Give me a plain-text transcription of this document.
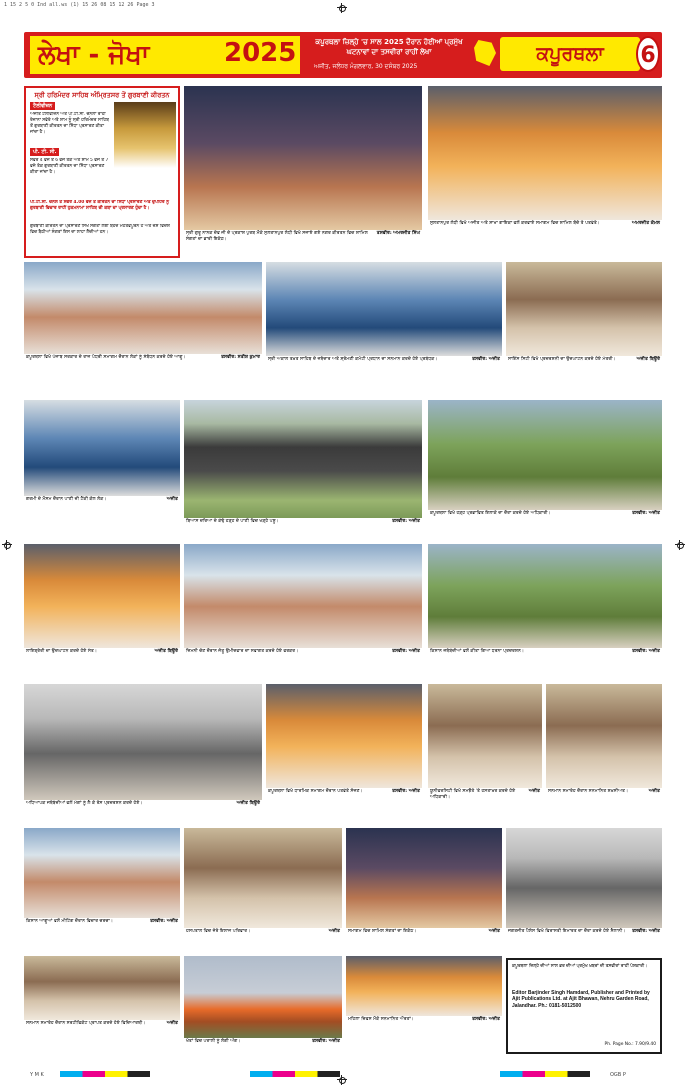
1 15 2 5 0 Ind all.ws (1) 15 26 08 15 12 26 Page 3
ਲੇਖਾ - ਜੋਖਾ	2025	ਕਪੂਰਥਲਾ ਜ਼ਿਲ੍ਹੇ 'ਚ ਸਾਲ 2025 ਦੌਰਾਨ ਹੋਈਆਂ ਪ੍ਰਮੁੱਖ ਘਟਨਾਵਾਂ ਦਾ ਤਸਵੀਰਾਂ ਰਾਹੀਂ ਲੇਖਾ
ਅਜੀਤ, ਜਲੰਧਰ ਮੰਗਲਵਾਰ, 30 ਦਸੰਬਰ 2025
ਕਪੂਰਥਲਾ	6
ਸ੍ਰੀ ਹਰਿਮੰਦਰ ਸਾਹਿਬ ਅੰਮ੍ਰਿਤਸਰ ਤੋਂ ਗੁਰਬਾਣੀ ਕੀਰਤਨ
ਟੈਲੀਵੀਜ਼ਨ
ਅਜੀਤ ਟੈਲੀਵੀਜ਼ਨ ਅਤੇ ਪੀ.ਟੀ.ਸੀ. ਚੈਨਲਾਂ ਰਾਹੀਂ ਰੋਜ਼ਾਨਾ ਸਵੇਰੇ ਅਤੇ ਸ਼ਾਮ ਨੂੰ ਸ੍ਰੀ ਹਰਿਮੰਦਰ ਸਾਹਿਬ ਤੋਂ ਗੁਰਬਾਣੀ ਕੀਰਤਨ ਦਾ ਸਿੱਧਾ ਪ੍ਰਸਾਰਣ ਕੀਤਾ ਜਾਂਦਾ ਹੈ।
ਪੀ. ਟੀ. ਸੀ.
ਸਵੇਰੇ 4 ਵਜੇ ਤੋਂ 6 ਵਜੇ ਤੱਕ ਅਤੇ ਸ਼ਾਮ 5 ਵਜੇ ਤੋਂ 7 ਵਜੇ ਤੱਕ ਗੁਰਬਾਣੀ ਕੀਰਤਨ ਦਾ ਸਿੱਧਾ ਪ੍ਰਸਾਰਣ ਕੀਤਾ ਜਾਂਦਾ ਹੈ।
ਪੀ.ਟੀ.ਸੀ. ਚੈਨਲ ਤੇ ਸਵੇਰੇ 4.00 ਵਜੇ ਤੋਂ ਕੀਰਤਨ ਦਾ ਸਿੱਧਾ ਪ੍ਰਸਾਰਣ ਅਤੇ ਦੁਪਹਿਰ ਨੂੰ ਗੁਰਬਾਣੀ ਵਿਚਾਰ ਰਾਹੀਂ ਹੁਕਮਨਾਮਾ ਸਾਹਿਬ ਦੀ ਕਥਾ ਦਾ ਪ੍ਰਸਾਰਣ ਹੁੰਦਾ ਹੈ।
ਗੁਰਬਾਣੀ ਕੀਰਤਨ ਦਾ ਪ੍ਰਸਾਰਣ ਸਿੱਖ ਸੰਗਤਾਂ ਲਈ ਬੇਹੱਦ ਮਹੱਤਵਪੂਰਨ ਹੈ ਅਤੇ ਦੇਸ਼ ਵਿਦੇਸ਼ ਵਿਚ ਬੈਠੀਆਂ ਸੰਗਤਾਂ ਇਸ ਦਾ ਲਾਹਾ ਲੈਂਦੀਆਂ ਹਨ।	ਤਸਵੀਰ: ਅਮਰਜੀਤ ਸਿੰਘ
ਸ੍ਰੀ ਗੁਰੂ ਨਾਨਕ ਦੇਵ ਜੀ ਦੇ ਪ੍ਰਕਾਸ਼ ਪੁਰਬ ਮੌਕੇ ਸੁਲਤਾਨਪੁਰ ਲੋਧੀ ਵਿਖੇ ਸਜਾਏ ਗਏ ਨਗਰ ਕੀਰਤਨ ਵਿਚ ਸ਼ਾਮਿਲ ਸੰਗਤਾਂ ਦਾ ਭਾਰੀ ਇਕੱਠ।
ਅਮਰਜੀਤ ਕੋਮਲ
ਸੁਲਤਾਨਪੁਰ ਲੋਧੀ ਵਿਖੇ ਅਜੀਤ ਅਤੇ ਸ਼ਾਖਾ ਗਾਇਕਾ ਵਲੋਂ ਕਰਵਾਏ ਸਮਾਗਮ ਵਿਚ ਸ਼ਾਮਿਲ ਬੱਚੇ ਤੇ ਪਤਵੰਤੇ।
ਤਸਵੀਰ: ਸਤੀਸ਼ ਕੁਮਾਰ
ਕਪੂਰਥਲਾ ਵਿਖੇ ਪੰਜਾਬ ਸਰਕਾਰ ਦੇ ਰਾਜ ਪੱਧਰੀ ਸਮਾਗਮ ਦੌਰਾਨ ਲੋਕਾਂ ਨੂੰ ਸੰਬੋਧਨ ਕਰਦੇ ਹੋਏ ਆਗੂ।	ਤਸਵੀਰ: ਅਜੀਤ
ਸ੍ਰੀ ਅਕਾਲ ਤਖ਼ਤ ਸਾਹਿਬ ਦੇ ਜਥੇਦਾਰ ਅਤੇ ਸ਼੍ਰੋਮਣੀ ਕਮੇਟੀ ਪ੍ਰਧਾਨ ਦਾ ਸਨਮਾਨ ਕਰਦੇ ਹੋਏ ਪ੍ਰਬੰਧਕ।	ਅਜੀਤ ਬਿਊਰੋ
ਸਾਇੰਸ ਸਿਟੀ ਵਿਖੇ ਪ੍ਰਦਰਸ਼ਨੀ ਦਾ ਉਦਘਾਟਨ ਕਰਦੇ ਹੋਏ ਮੰਤਰੀ।
ਅਜੀਤ
ਗਰਮੀ ਦੇ ਮੌਸਮ ਦੌਰਾਨ ਪਾਣੀ ਦੀ ਟੈਂਕੀ ਕੋਲ ਲੋਕ।
ਤਸਵੀਰ: ਅਜੀਤ
ਬਿਆਸ ਦਰਿਆ ਦੇ ਕੰਢੇ ਹੜ੍ਹ ਦੇ ਪਾਣੀ ਵਿਚ ਖੜ੍ਹੇ ਪਸ਼ੂ।
ਤਸਵੀਰ: ਅਜੀਤ
ਕਪੂਰਥਲਾ ਵਿਖੇ ਹੜ੍ਹ ਪ੍ਰਭਾਵਿਤ ਇਲਾਕੇ ਦਾ ਦੌਰਾ ਕਰਦੇ ਹੋਏ ਅਧਿਕਾਰੀ।
ਅਜੀਤ ਬਿਊਰੋ
ਲਾਇਬ੍ਰੇਰੀ ਦਾ ਉਦਘਾਟਨ ਕਰਦੇ ਹੋਏ ਸੰਤ।	ਤਸਵੀਰ: ਅਜੀਤ
ਜ਼ਿਮਨੀ ਚੋਣ ਦੌਰਾਨ ਜੇਤੂ ਉਮੀਦਵਾਰ ਦਾ ਸਵਾਗਤ ਕਰਦੇ ਹੋਏ ਵਰਕਰ।	ਤਸਵੀਰ: ਅਜੀਤ
ਕਿਸਾਨ ਜਥੇਬੰਦੀਆਂ ਵਲੋਂ ਕੀਤਾ ਗਿਆ ਧਰਨਾ ਪ੍ਰਦਰਸ਼ਨ।
ਅਜੀਤ ਬਿਊਰੋ
ਅਧਿਆਪਕ ਜਥੇਬੰਦੀਆਂ ਵਲੋਂ ਮੰਗਾਂ ਨੂੰ ਲੈ ਕੇ ਰੋਸ ਪ੍ਰਦਰਸ਼ਨ ਕਰਦੇ ਹੋਏ।
ਤਸਵੀਰ: ਅਜੀਤ
ਕਪੂਰਥਲਾ ਵਿਖੇ ਧਾਰਮਿਕ ਸਮਾਗਮ ਦੌਰਾਨ ਪਤਵੰਤੇ ਸੱਜਣ।	ਅਜੀਤ
ਯੂਨੀਵਰਸਿਟੀ ਵਿਖੇ ਸਮਝੌਤੇ 'ਤੇ ਹਸਤਾਖ਼ਰ ਕਰਦੇ ਹੋਏ ਅਧਿਕਾਰੀ।
ਅਜੀਤ
ਸਨਮਾਨ ਸਮਾਰੋਹ ਦੌਰਾਨ ਸਨਮਾਨਿਤ ਸ਼ਖ਼ਸੀਅਤ।
ਤਸਵੀਰ: ਅਜੀਤ
ਕਿਸਾਨ ਆਗੂਆਂ ਵਲੋਂ ਮੀਟਿੰਗ ਦੌਰਾਨ ਵਿਚਾਰ ਚਰਚਾ।
ਅਜੀਤ
ਹਸਪਤਾਲ ਵਿਚ ਜੇਰੇ ਇਲਾਜ ਪਰਿਵਾਰ।	ਅਜੀਤ
ਸਮਾਗਮ ਵਿਚ ਸ਼ਾਮਿਲ ਸੰਗਤਾਂ ਦਾ ਇਕੱਠ।	ਤਸਵੀਰ: ਅਜੀਤ
ਜਗਤਜੀਤ ਪੈਲੇਸ ਵਿਖੇ ਵਿਰਾਸਤੀ ਇਮਾਰਤ ਦਾ ਦੌਰਾ ਕਰਦੇ ਹੋਏ ਸੈਲਾਨੀ।
ਅਜੀਤ
ਸਨਮਾਨ ਸਮਾਰੋਹ ਦੌਰਾਨ ਸਰਟੀਫਿਕੇਟ ਪ੍ਰਾਪਤ ਕਰਦੇ ਹੋਏ ਵਿਦਿਆਰਥੀ।
ਤਸਵੀਰ: ਅਜੀਤ
ਖੇਤਾਂ ਵਿਚ ਪਰਾਲੀ ਨੂੰ ਲੱਗੀ ਅੱਗ।
ਤਸਵੀਰ: ਅਜੀਤ
ਮਹਿਲਾ ਦਿਵਸ ਮੌਕੇ ਸਨਮਾਨਿਤ ਔਰਤਾਂ।
ਕਪੂਰਥਲਾ ਜ਼ਿਲ੍ਹੇ ਦੀਆਂ ਸਾਲ ਭਰ ਦੀਆਂ ਪ੍ਰਮੁੱਖ ਖ਼ਬਰਾਂ ਦੀ ਤਸਵੀਰਾਂ ਰਾਹੀਂ ਪੇਸ਼ਕਾਰੀ।
Editor Barjinder Singh Hamdard, Publisher and Printed by Ajit Publications Ltd. at Ajit Bhawan, Nehru Garden Road, Jalandhar. Ph.: 0181-5012500
Ph. Page No.: 7.90/9.40
Y M K	OGB P
